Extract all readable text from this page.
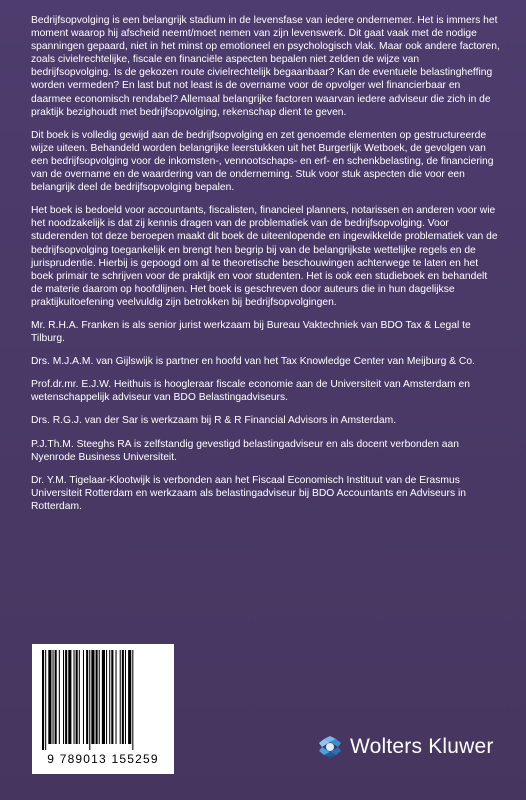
Bedrijfsopvolging is een belangrijk stadium in de levensfase van iedere ondernemer. Het is immers het moment waarop hij afscheid neemt/moet nemen van zijn levenswerk. Dit gaat vaak met de nodige spanningen gepaard, niet in het minst op emotioneel en psychologisch vlak. Maar ook andere factoren, zoals civielrechtelijke, fiscale en financiële aspecten bepalen niet zelden de wijze van bedrijfsopvolging. Is de gekozen route civielrechtelijk begaanbaar? Kan de eventuele belastingheffing worden vermeden? En last but not least is de overname voor de opvolger wel financierbaar en daarmee economisch rendabel? Allemaal belangrijke factoren waarvan iedere adviseur die zich in de praktijk bezighoudt met bedrijfsopvolging, rekenschap dient te geven.

Dit boek is volledig gewijd aan de bedrijfsopvolging en zet genoemde elementen op gestructureerde wijze uiteen. Behandeld worden belangrijke leerstukken uit het Burgerlijk Wetboek, de gevolgen van een bedrijfsopvolging voor de inkomsten-, vennootschaps- en erf- en schenkbelasting, de financiering van de overname en de waardering van de onderneming. Stuk voor stuk aspecten die voor een belangrijk deel de bedrijfsopvolging bepalen.

Het boek is bedoeld voor accountants, fiscalisten, financieel planners, notarissen en anderen voor wie het noodzakelijk is dat zij kennis dragen van de problematiek van de bedrijfsopvolging. Voor studerenden tot deze beroepen maakt dit boek de uiteenlopende en ingewikkelde problematiek van de bedrijfsopvolging toegankelijk en brengt hen begrip bij van de belangrijkste wettelijke regels en de jurisprudentie. Hierbij is gepoogd om al te theoretische beschouwingen achterwege te laten en het boek primair te schrijven voor de praktijk en voor studenten. Het is ook een studieboek en behandelt de materie daarom op hoofdlijnen. Het boek is geschreven door auteurs die in hun dagelijkse praktijkuitoefening veelvuldig zijn betrokken bij bedrijfsopvolgingen.

Mr. R.H.A. Franken is als senior jurist werkzaam bij Bureau Vaktechniek van BDO Tax & Legal te Tilburg.

Drs. M.J.A.M. van Gijlswijk is partner en hoofd van het Tax Knowledge Center van Meijburg & Co.

Prof.dr.mr. E.J.W. Heithuis is hoogleraar fiscale economie aan de Universiteit van Amsterdam en wetenschappelijk adviseur van BDO Belastingadviseurs.

Drs. R.G.J. van der Sar is werkzaam bij R & R Financial Advisors in Amsterdam.

P.J.Th.M. Steeghs RA is zelfstandig gevestigd belastingadviseur en als docent verbonden aan Nyenrode Business Universiteit.

Dr. Y.M. Tigelaar-Klootwijk is verbonden aan het Fiscaal Economisch Instituut van de Erasmus Universiteit Rotterdam en werkzaam als belastingadviseur bij BDO Accountants en Adviseurs in Rotterdam.

9 789013 155259
Wolters Kluwer
